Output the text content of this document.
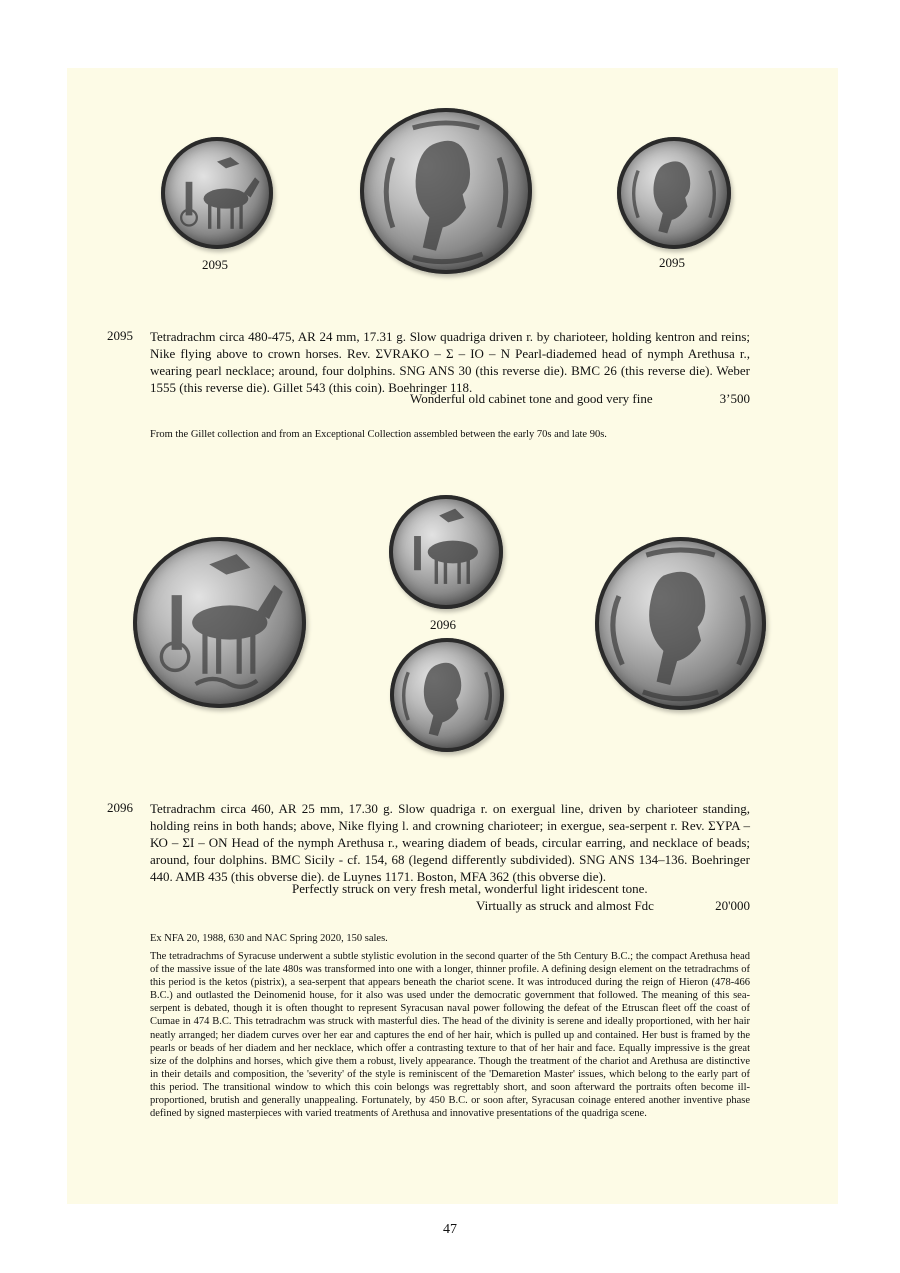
2095	2095
2095 Tetradrachm circa 480-475, AR 24 mm, 17.31 g. Slow quadriga driven r. by charioteer, holding kentron and reins; Nike flying above to crown horses. Rev. ΣVRAKO – Σ – IO – N Pearl-diademed head of nymph Arethusa r., wearing pearl necklace; around, four dolphins. SNG ANS 30 (this reverse die). BMC 26 (this reverse die). Weber 1555 (this reverse die). Gillet 543 (this coin). Boehringer 118.

Wonderful old cabinet tone and good very fine	3’500
From the Gillet collection and from an Exceptional Collection assembled between the early 70s and late 90s.
2096
2096 Tetradrachm circa 460, AR 25 mm, 17.30 g. Slow quadriga r. on exergual line, driven by charioteer standing, holding reins in both hands; above, Nike flying l. and crowning charioteer; in exergue, sea-serpent r. Rev. ΣΥΡΑ – ΚΟ – ΣΙ – ΟΝ Head of the nymph Arethusa r., wearing diadem of beads, circular earring, and necklace of beads; around, four dolphins. BMC Sicily - cf. 154, 68 (legend differently subdivided). SNG ANS 134–136. Boehringer 440. AMB 435 (this obverse die). de Luynes 1171. Boston, MFA 362 (this obverse die).

Perfectly struck on very fresh metal, wonderful light iridescent tone.
Virtually as struck and almost Fdc	20'000
Ex NFA 20, 1988, 630 and NAC Spring 2020, 150 sales.
The tetradrachms of Syracuse underwent a subtle stylistic evolution in the second quarter of the 5th Century B.C.; the compact Arethusa head of the massive issue of the late 480s was transformed into one with a longer, thinner profile. A defining design element on the tetradrachms of this period is the ketos (pistrix), a sea-serpent that appears beneath the chariot scene. It was introduced during the reign of Hieron (478-466 B.C.) and outlasted the Deinomenid house, for it also was used under the democratic government that followed. The meaning of this sea-serpent is debated, though it is often thought to represent Syracusan naval power following the defeat of the Etruscan fleet off the coast of Cumae in 474 B.C. This tetradrachm was struck with masterful dies. The head of the divinity is serene and ideally proportioned, with her hair neatly arranged; her diadem curves over her ear and captures the end of her hair, which is pulled up and contained. Her bust is framed by the pearls or beads of her diadem and her necklace, which offer a contrasting texture to that of her hair and face. Equally impressive is the great size of the dolphins and horses, which give them a robust, lively appearance. Though the treatment of the chariot and Arethusa are distinctive in their details and composition, the 'severity' of the style is reminiscent of the 'Demaretion Master' issues, which belong to the early part of this period. The transitional window to which this coin belongs was regrettably short, and soon afterward the portraits often become ill-proportioned, brutish and generally unappealing. Fortunately, by 450 B.C. or soon after, Syracusan coinage entered another inventive phase defined by signed masterpieces with varied treatments of Arethusa and innovative presentations of the quadriga scene.
47
